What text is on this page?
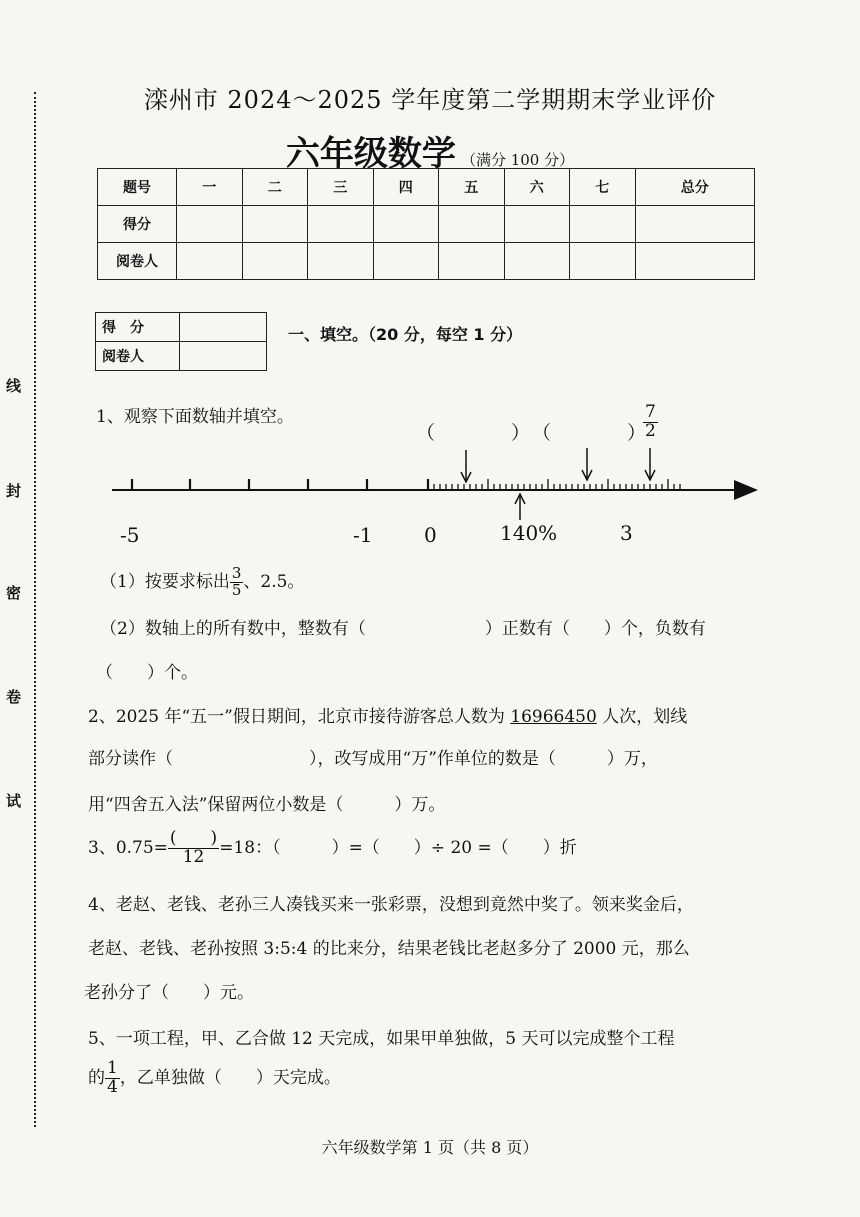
线
封
密
卷
试
滦州市 2024～2025 学年度第二学期期末学业评价
六年级数学 （满分 100 分）
题号	一	二	三	四	五	六	七	总分
得分								
阅卷人								
得　分	
阅卷人	
一、填空。（20 分，每空 1 分）
1、观察下面数轴并填空。
（　　　　） （　　　　）
$\frac{7}{2}$
-5	-1	0	140%	3
（1）按要求标出 $\frac{3}{5}$ 、2.5。
（2）数轴上的所有数中，整数有（　　　　　　　）正数有（　　）个，负数有
（　　）个。
2、2025 年“五一”假日期间，北京市接待游客总人数为 16966450 人次，划线
部分读作（　　　　　　　　），改写成用“万”作单位的数是（　　　）万，
用“四舍五入法”保留两位小数是（　　　）万。
3、$0.75= \frac{( )}{12} =18$：（　　　）=（　　）÷ 20 =（　　）折
4、老赵、老钱、老孙三人凑钱买来一张彩票，没想到竟然中奖了。领来奖金后，
老赵、老钱、老孙按照 3:5:4 的比来分，结果老钱比老赵多分了 2000 元，那么
老孙分了（　　）元。
5、一项工程，甲、乙合做 12 天完成，如果甲单独做，5 天可以完成整个工程
的 $\frac{1}{4}$ ，乙单独做（　　）天完成。
六年级数学第 1 页（共 8 页）
